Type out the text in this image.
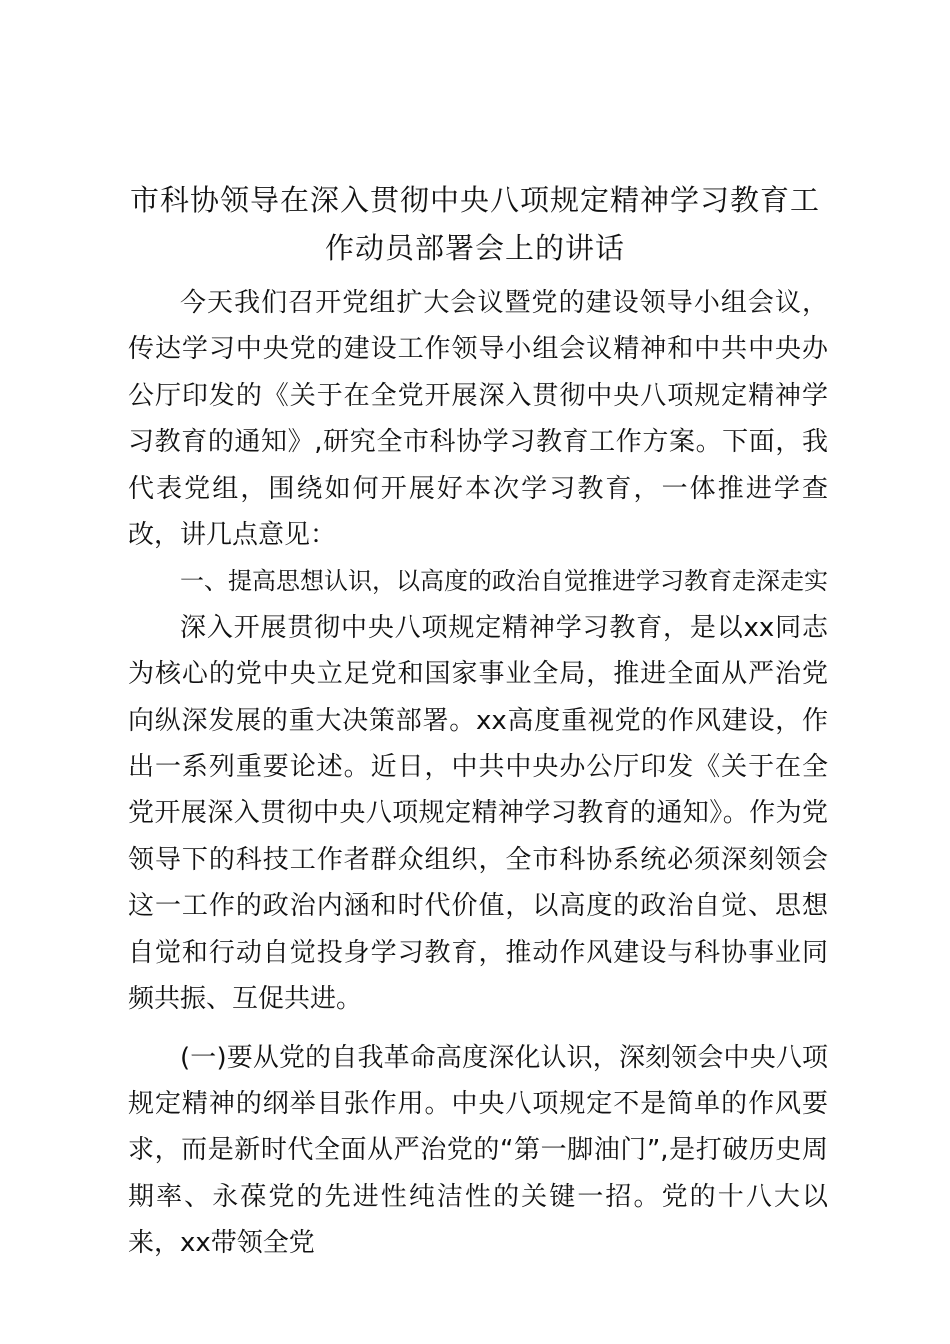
市科协领导在深入贯彻中央八项规定精神学习教育工作动员部署会上的讲话

今天我们召开党组扩大会议暨党的建设领导小组会议，传达学习中央党的建设工作领导小组会议精神和中共中央办公厅印发的《关于在全党开展深入贯彻中央八项规定精神学习教育的通知》,研究全市科协学习教育工作方案。下面，我代表党组，围绕如何开展好本次学习教育，一体推进学查改，讲几点意见：

一、提高思想认识，以高度的政治自觉推进学习教育走深走实

深入开展贯彻中央八项规定精神学习教育，是以xx同志为核心的党中央立足党和国家事业全局，推进全面从严治党向纵深发展的重大决策部署。xx高度重视党的作风建设，作出一系列重要论述。近日，中共中央办公厅印发《关于在全党开展深入贯彻中央八项规定精神学习教育的通知》。作为党领导下的科技工作者群众组织，全市科协系统必须深刻领会这一工作的政治内涵和时代价值，以高度的政治自觉、思想自觉和行动自觉投身学习教育，推动作风建设与科协事业同频共振、互促共进。

(一)要从党的自我革命高度深化认识，深刻领会中央八项规定精神的纲举目张作用。中央八项规定不是简单的作风要求，而是新时代全面从严治党的“第一脚油门”,是打破历史周期率、永葆党的先进性纯洁性的关键一招。党的十八大以来，xx带领全党
